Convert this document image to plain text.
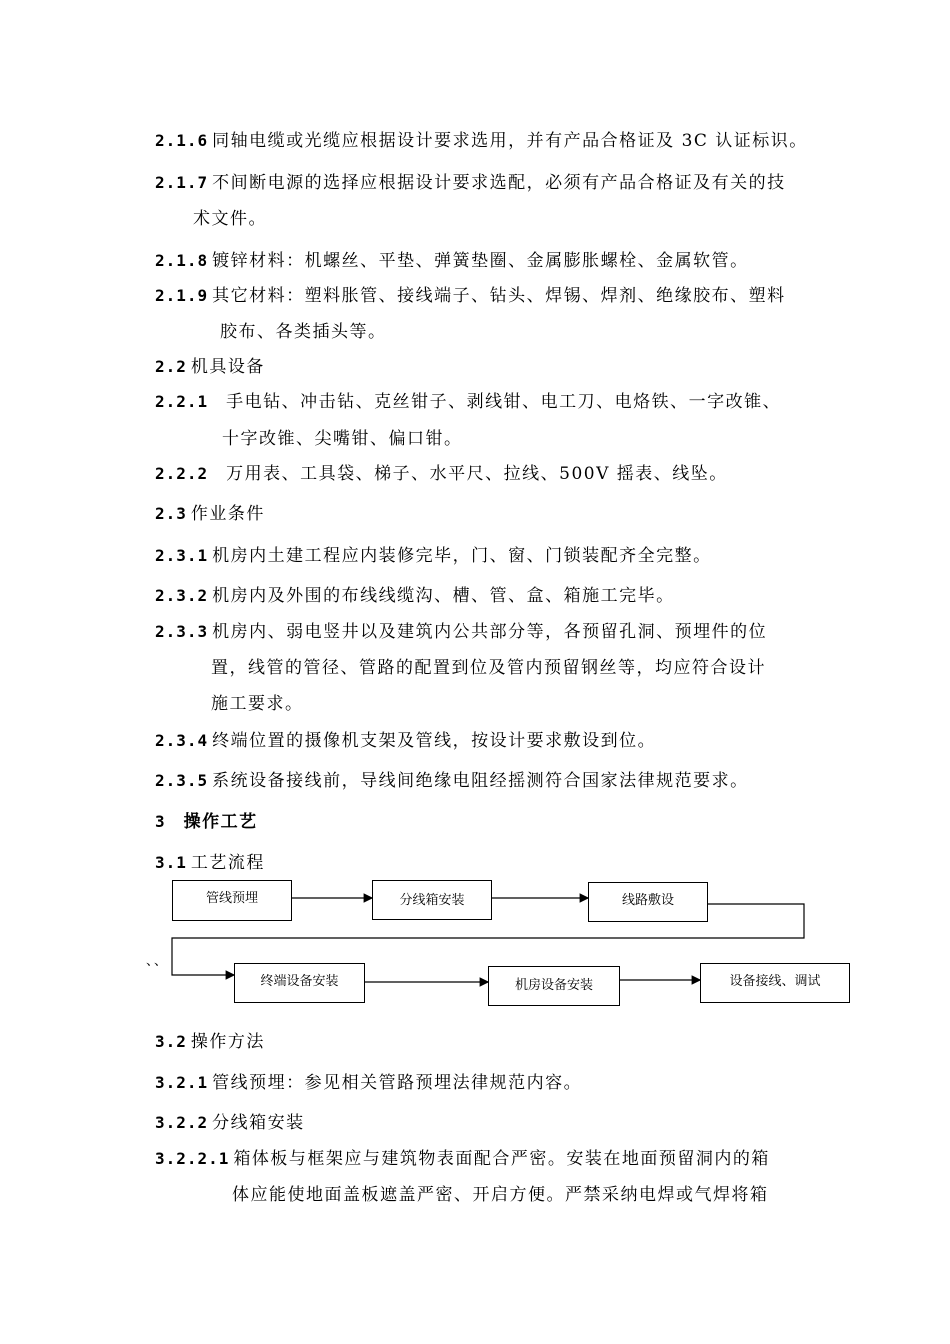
2.1.6 同轴电缆或光缆应根据设计要求选用，并有产品合格证及 3C 认证标识。
2.1.7 不间断电源的选择应根据设计要求选配，必须有产品合格证及有关的技
术文件。
2.1.8 镀锌材料：机螺丝、平垫、弹簧垫圈、金属膨胀螺栓、金属软管。
2.1.9 其它材料：塑料胀管、接线端子、钻头、焊锡、焊剂、绝缘胶布、塑料
胶布、各类插头等。
2.2 机具设备
2.2.1 手电钻、冲击钻、克丝钳子、剥线钳、电工刀、电烙铁、一字改锥、
十字改锥、尖嘴钳、偏口钳。
2.2.2 万用表、工具袋、梯子、水平尺、拉线、500V 摇表、线坠。
2.3 作业条件
2.3.1 机房内土建工程应内装修完毕，门、窗、门锁装配齐全完整。
2.3.2 机房内及外围的布线线缆沟、槽、管、盒、箱施工完毕。
2.3.3 机房内、弱电竖井以及建筑内公共部分等，各预留孔洞、预埋件的位
置，线管的管径、管路的配置到位及管内预留钢丝等，均应符合设计
施工要求。
2.3.4 终端位置的摄像机支架及管线，按设计要求敷设到位。
2.3.5 系统设备接线前，导线间绝缘电阻经摇测符合国家法律规范要求。
3 操作工艺
3.1 工艺流程
管线预埋	分线箱安装	线路敷设
终端设备安装	机房设备安装	设备接线、调试
、、
3.2 操作方法
3.2.1 管线预埋：参见相关管路预埋法律规范内容。
3.2.2 分线箱安装
3.2.2.1 箱体板与框架应与建筑物表面配合严密。安装在地面预留洞内的箱
体应能使地面盖板遮盖严密、开启方便。严禁采纳电焊或气焊将箱
